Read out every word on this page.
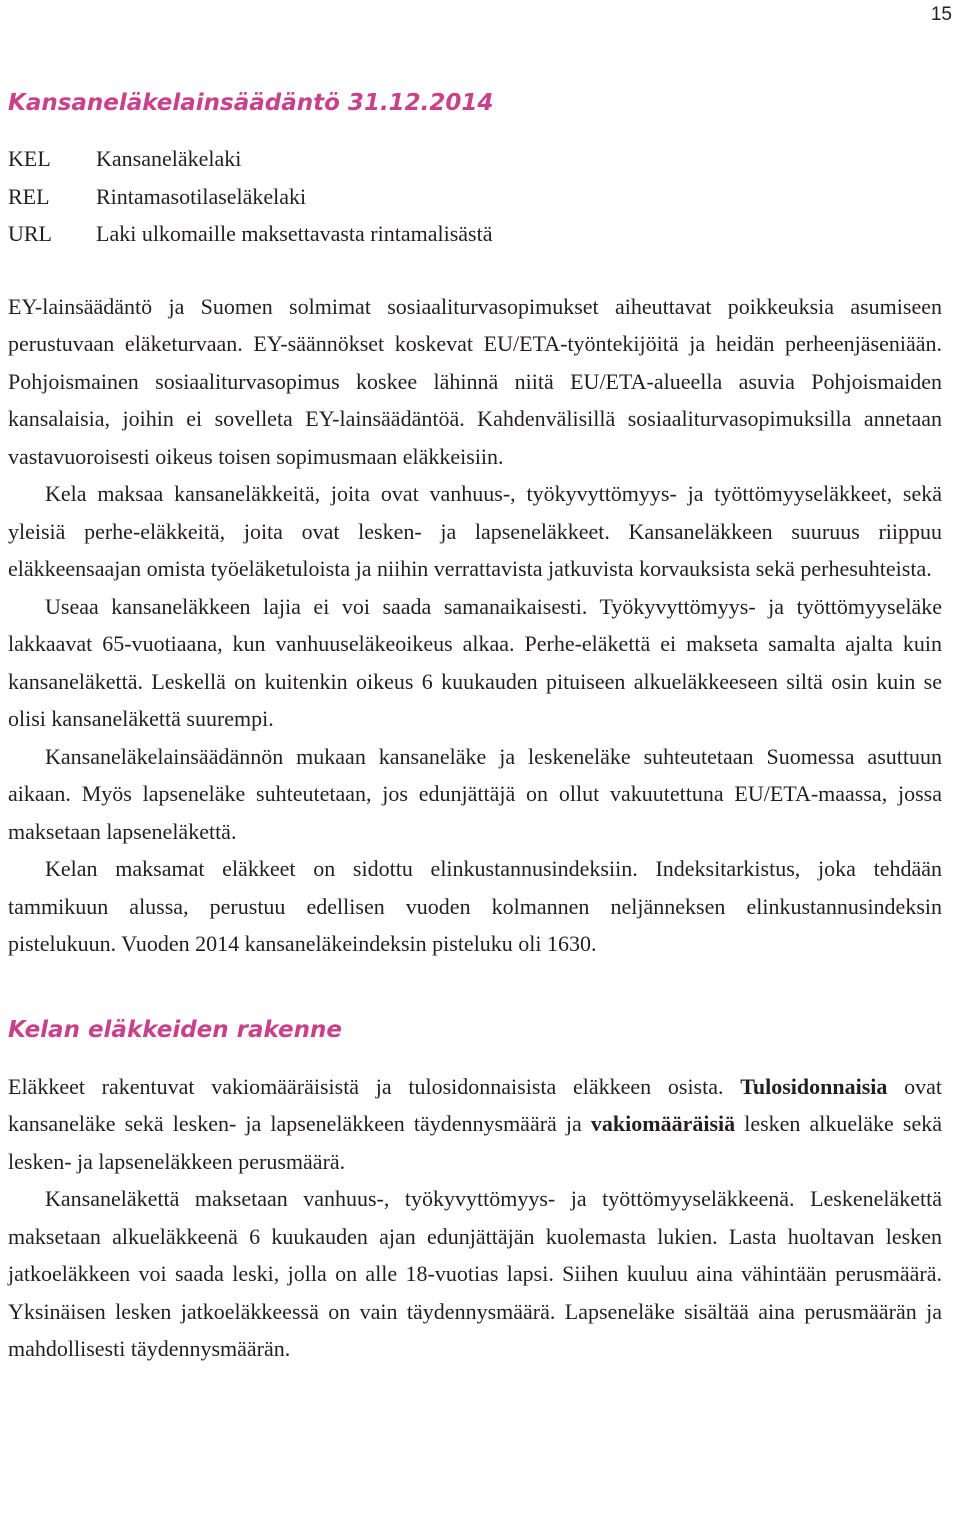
15
Kansaneläkelainsäädäntö 31.12.2014
KEL	Kansaneläkelaki
REL	Rintamasotilaseläkelaki
URL	Laki ulkomaille maksettavasta rintamalisästä

EY-lainsäädäntö ja Suomen solmimat sosiaaliturvasopimukset aiheuttavat poikkeuksia asumiseen perustuvaan eläketurvaan. EY-säännökset koskevat EU/ETA-työntekijöitä ja heidän perheenjäseniään. Pohjoismainen sosiaaliturvasopimus koskee lähinnä niitä EU/ETA-alueella asuvia Pohjoismaiden kansalaisia, joihin ei sovelleta EY-lainsäädäntöä. Kahdenvälisillä sosiaaliturvasopimuksilla annetaan vastavuoroisesti oikeus toisen sopimusmaan eläkkeisiin.

Kela maksaa kansaneläkkeitä, joita ovat vanhuus-, työkyvyttömyys- ja työttömyyseläkkeet, sekä yleisiä perhe-eläkkeitä, joita ovat lesken- ja lapseneläkkeet. Kansaneläkkeen suuruus riippuu eläkkeensaajan omista työeläketuloista ja niihin verrattavista jatkuvista korvauksista sekä perhesuhteista.

Useaa kansaneläkkeen lajia ei voi saada samanaikaisesti. Työkyvyttömyys- ja työttömyyseläke lakkaavat 65-vuotiaana, kun vanhuuseläkeoikeus alkaa. Perhe-eläkettä ei makseta samalta ajalta kuin kansaneläkettä. Leskellä on kuitenkin oikeus 6 kuukauden pituiseen alkueläkkeeseen siltä osin kuin se olisi kansaneläkettä suurempi.

Kansaneläkelainsäädännön mukaan kansaneläke ja leskeneläke suhteutetaan Suomessa asuttuun aikaan. Myös lapseneläke suhteutetaan, jos edunjättäjä on ollut vakuutettuna EU/ETA-maassa, jossa maksetaan lapseneläkettä.

Kelan maksamat eläkkeet on sidottu elinkustannusindeksiin. Indeksitarkistus, joka tehdään tammikuun alussa, perustuu edellisen vuoden kolmannen neljänneksen elinkustannusindeksin pistelukuun. Vuoden 2014 kansaneläkeindeksin pisteluku oli 1630.

Kelan eläkkeiden rakenne

Eläkkeet rakentuvat vakiomääräisistä ja tulosidonnaisista eläkkeen osista. Tulosidonnaisia ovat kansaneläke sekä lesken- ja lapseneläkkeen täydennysmäärä ja vakiomääräisiä lesken alkueläke sekä lesken- ja lapseneläkkeen perusmäärä.

Kansaneläkettä maksetaan vanhuus-, työkyvyttömyys- ja työttömyyseläkkeenä. Leskeneläkettä maksetaan alkueläkkeenä 6 kuukauden ajan edunjättäjän kuolemasta lukien. Lasta huoltavan lesken jatkoeläkkeen voi saada leski, jolla on alle 18-vuotias lapsi. Siihen kuuluu aina vähintään perusmäärä. Yksinäisen lesken jatkoeläkkeessä on vain täydennysmäärä. Lapseneläke sisältää aina perusmäärän ja mahdollisesti täydennysmäärän.
